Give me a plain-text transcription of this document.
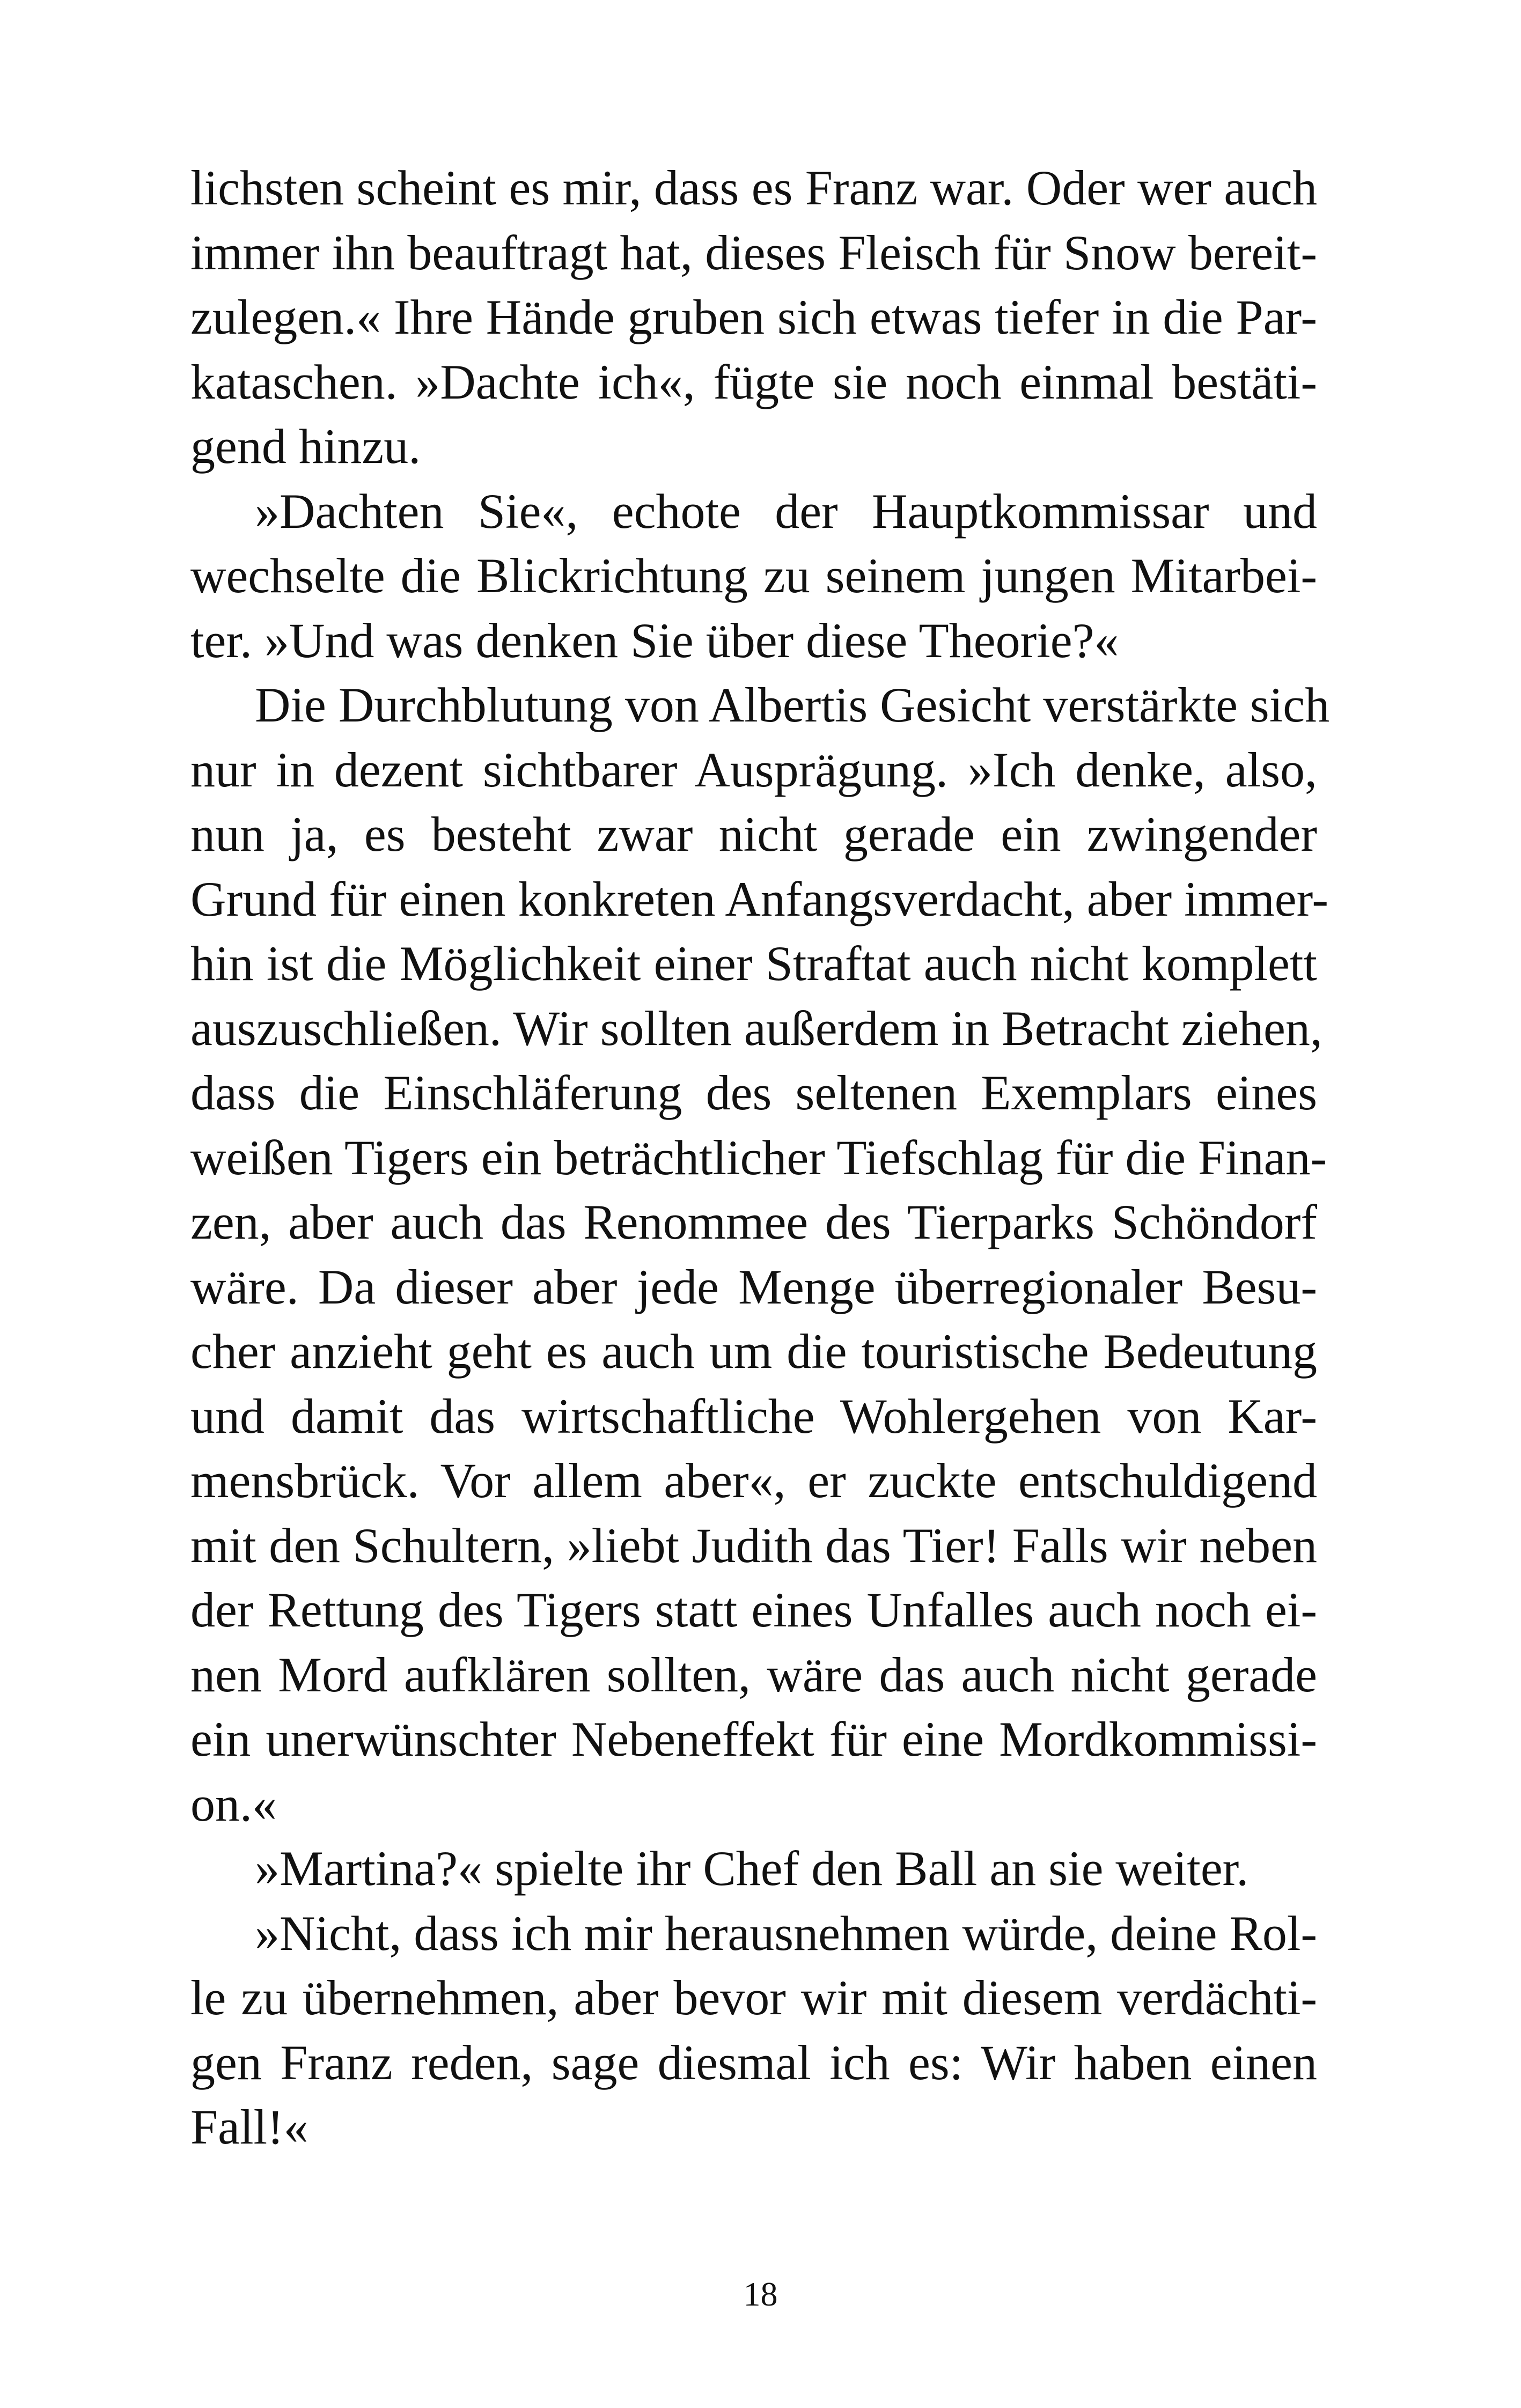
lichsten scheint es mir, dass es Franz war. Oder wer auch
immer ihn beauftragt hat, dieses Fleisch für Snow bereit-
zulegen.« Ihre Hände gruben sich etwas tiefer in die Par-
kataschen. »Dachte ich«, fügte sie noch einmal bestäti-
gend hinzu.
»Dachten Sie«, echote der Hauptkommissar und
wechselte die Blickrichtung zu seinem jungen Mitarbei-
ter. »Und was denken Sie über diese Theorie?«
Die Durchblutung von Albertis Gesicht verstärkte sich
nur in dezent sichtbarer Ausprägung. »Ich denke, also,
nun ja, es besteht zwar nicht gerade ein zwingender
Grund für einen konkreten Anfangsverdacht, aber immer-
hin ist die Möglichkeit einer Straftat auch nicht komplett
auszuschließen. Wir sollten außerdem in Betracht ziehen,
dass die Einschläferung des seltenen Exemplars eines
weißen Tigers ein beträchtlicher Tiefschlag für die Finan-
zen, aber auch das Renommee des Tierparks Schöndorf
wäre. Da dieser aber jede Menge überregionaler Besu-
cher anzieht geht es auch um die touristische Bedeutung
und damit das wirtschaftliche Wohlergehen von Kar-
mensbrück. Vor allem aber«, er zuckte entschuldigend
mit den Schultern, »liebt Judith das Tier! Falls wir neben
der Rettung des Tigers statt eines Unfalles auch noch ei-
nen Mord aufklären sollten, wäre das auch nicht gerade
ein unerwünschter Nebeneffekt für eine Mordkommissi-
on.«
»Martina?« spielte ihr Chef den Ball an sie weiter.
»Nicht, dass ich mir herausnehmen würde, deine Rol-
le zu übernehmen, aber bevor wir mit diesem verdächti-
gen Franz reden, sage diesmal ich es: Wir haben einen
Fall!«
18
